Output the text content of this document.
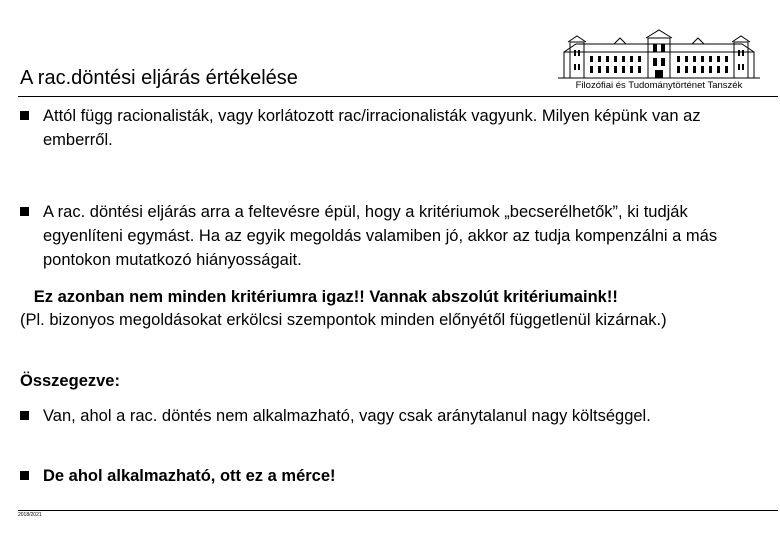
Filozófiai és Tudománytörténet Tanszék
A rac.döntési eljárás értékelése
Attól függ racionalisták, vagy korlátozott rac/irracionalisták vagyunk. Milyen képünk van az emberről.
A rac. döntési eljárás arra a feltevésre épül, hogy a kritériumok „becserélhetők”, ki tudják egyenlíteni egymást. Ha az egyik megoldás valamiben jó, akkor az tudja kompenzálni a más pontokon mutatkozó hiányosságait.
Ez azonban nem minden kritériumra igaz!! Vannak abszolút kritériumaink!!
(Pl. bizonyos megoldásokat erkölcsi szempontok minden előnyétől függetlenül kizárnak.)
Összegezve:
Van, ahol a rac. döntés nem alkalmazható, vagy csak aránytalanul nagy költséggel.
De ahol alkalmazható, ott ez a mérce!
2018/2021
